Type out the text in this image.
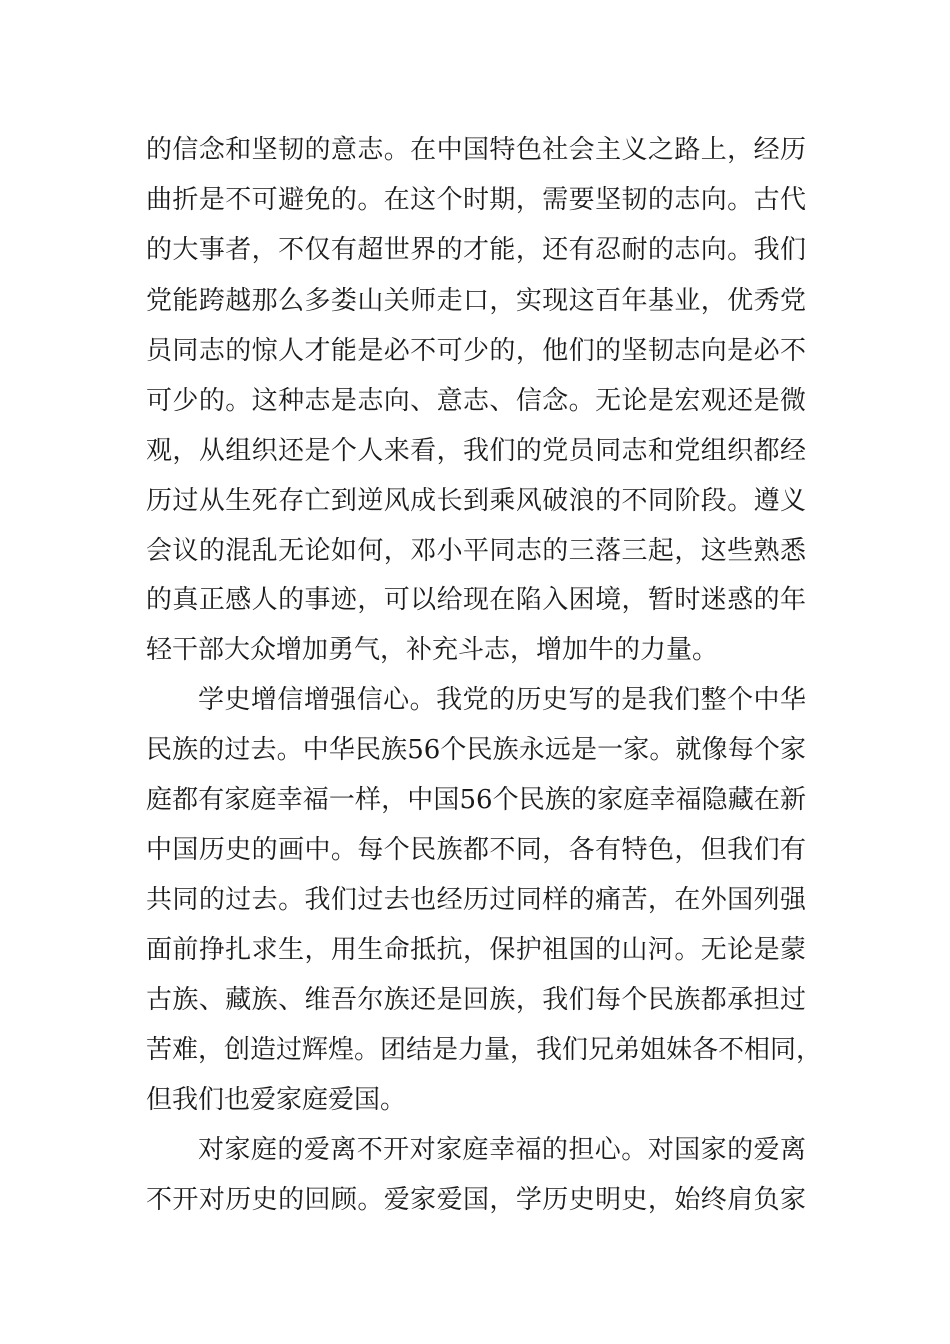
的信念和坚韧的意志。在中国特色社会主义之路上，经历
曲折是不可避免的。在这个时期，需要坚韧的志向。古代
的大事者，不仅有超世界的才能，还有忍耐的志向。我们
党能跨越那么多娄山关师走口，实现这百年基业，优秀党
员同志的惊人才能是必不可少的，他们的坚韧志向是必不
可少的。这种志是志向、意志、信念。无论是宏观还是微
观，从组织还是个人来看，我们的党员同志和党组织都经
历过从生死存亡到逆风成长到乘风破浪的不同阶段。遵义
会议的混乱无论如何，邓小平同志的三落三起，这些熟悉
的真正感人的事迹，可以给现在陷入困境，暂时迷惑的年
轻干部大众增加勇气，补充斗志，增加牛的力量。
学史增信增强信心。我党的历史写的是我们整个中华
民族的过去。中华民族56个民族永远是一家。就像每个家
庭都有家庭幸福一样，中国56个民族的家庭幸福隐藏在新
中国历史的画中。每个民族都不同，各有特色，但我们有
共同的过去。我们过去也经历过同样的痛苦，在外国列强
面前挣扎求生，用生命抵抗，保护祖国的山河。无论是蒙
古族、藏族、维吾尔族还是回族，我们每个民族都承担过
苦难，创造过辉煌。团结是力量，我们兄弟姐妹各不相同，
但我们也爱家庭爱国。
对家庭的爱离不开对家庭幸福的担心。对国家的爱离
不开对历史的回顾。爱家爱国，学历史明史，始终肩负家
